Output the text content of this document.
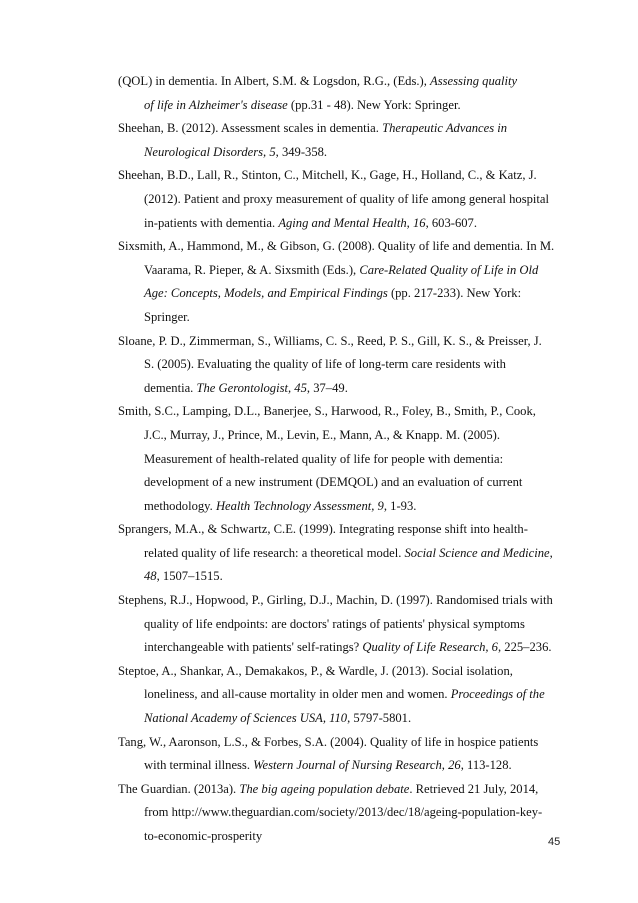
(QOL) in dementia. In Albert, S.M. & Logsdon, R.G., (Eds.), Assessing quality
of life in Alzheimer's disease (pp.31 - 48). New York: Springer.
Sheehan, B. (2012). Assessment scales in dementia. Therapeutic Advances in
Neurological Disorders, 5, 349-358.
Sheehan, B.D., Lall, R., Stinton, C., Mitchell, K., Gage, H., Holland, C., & Katz, J.
(2012). Patient and proxy measurement of quality of life among general hospital
in-patients with dementia. Aging and Mental Health, 16, 603-607.
Sixsmith, A., Hammond, M., & Gibson, G. (2008). Quality of life and dementia. In M.
Vaarama, R. Pieper, & A. Sixsmith (Eds.), Care-Related Quality of Life in Old
Age: Concepts, Models, and Empirical Findings (pp. 217-233). New York:
Springer.
Sloane, P. D., Zimmerman, S., Williams, C. S., Reed, P. S., Gill, K. S., & Preisser, J.
S. (2005). Evaluating the quality of life of long-term care residents with
dementia. The Gerontologist, 45, 37–49.
Smith, S.C., Lamping, D.L., Banerjee, S., Harwood, R., Foley, B., Smith, P., Cook,
J.C., Murray, J., Prince, M., Levin, E., Mann, A., & Knapp. M. (2005).
Measurement of health-related quality of life for people with dementia:
development of a new instrument (DEMQOL) and an evaluation of current
methodology. Health Technology Assessment, 9, 1-93.
Sprangers, M.A., & Schwartz, C.E. (1999). Integrating response shift into health-
related quality of life research: a theoretical model. Social Science and Medicine,
48, 1507–1515.
Stephens, R.J., Hopwood, P., Girling, D.J., Machin, D. (1997). Randomised trials with
quality of life endpoints: are doctors' ratings of patients' physical symptoms
interchangeable with patients' self-ratings? Quality of Life Research, 6, 225–236.
Steptoe, A., Shankar, A., Demakakos, P., & Wardle, J. (2013). Social isolation,
loneliness, and all-cause mortality in older men and women. Proceedings of the
National Academy of Sciences USA, 110, 5797-5801.
Tang, W., Aaronson, L.S., & Forbes, S.A. (2004). Quality of life in hospice patients
with terminal illness. Western Journal of Nursing Research, 26, 113-128.
The Guardian. (2013a). The big ageing population debate. Retrieved 21 July, 2014,
from http://www.theguardian.com/society/2013/dec/18/ageing-population-key-
to-economic-prosperity	45
